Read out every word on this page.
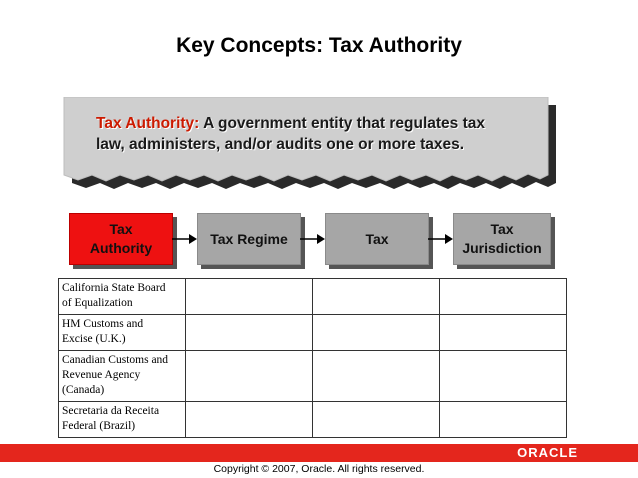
Key Concepts: Tax Authority
Tax Authority: A government entity that regulates tax
law, administers, and/or audits one or more taxes.
Tax
Authority
Tax Regime	Tax
Tax
Jurisdiction
California State Board
of Equalization			
HM Customs and
Excise (U.K.)			
Canadian Customs and
Revenue Agency
(Canada)			
Secretaria da Receita
Federal (Brazil)			
ORACLE
Copyright © 2007, Oracle. All rights reserved.
